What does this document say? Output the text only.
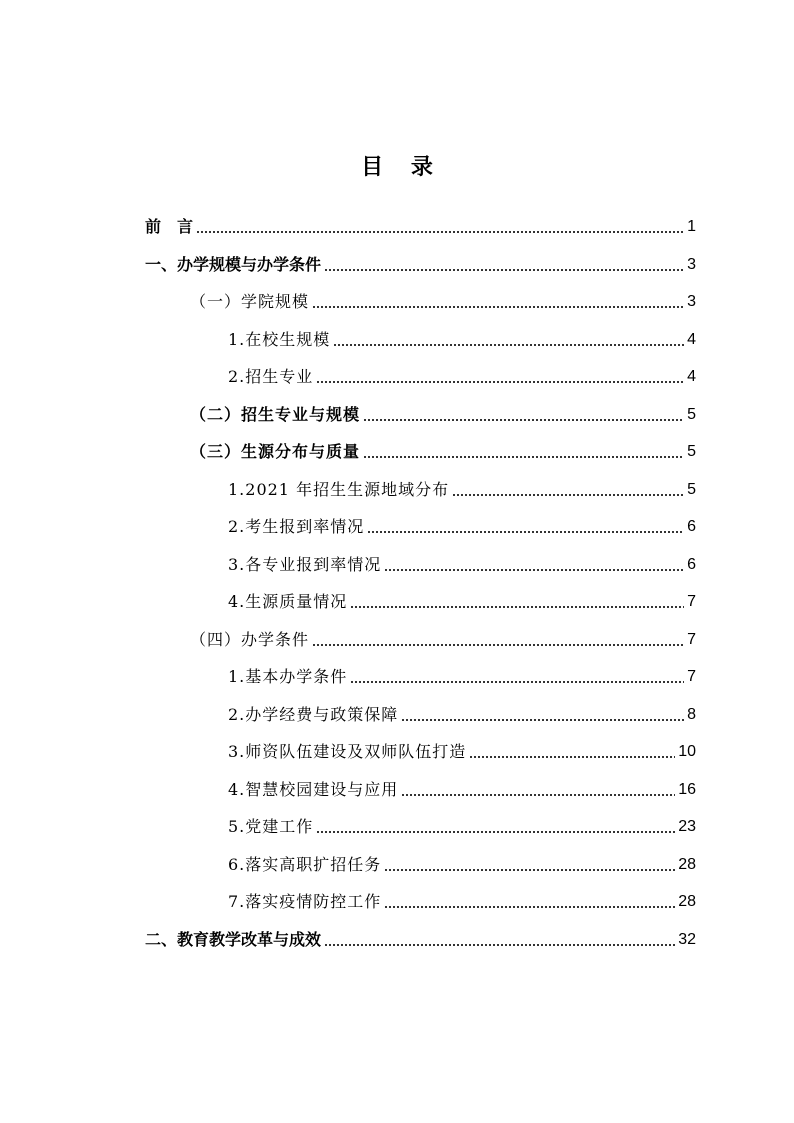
目 录
前　言	1
一、办学规模与办学条件	3
（一）学院规模	3
1.在校生规模	4
2.招生专业	4
（二）招生专业与规模	5
（三）生源分布与质量	5
1.2021 年招生生源地域分布	5
2.考生报到率情况	6
3.各专业报到率情况	6
4.生源质量情况	7
（四）办学条件	7
1.基本办学条件	7
2.办学经费与政策保障	8
3.师资队伍建设及双师队伍打造	10
4.智慧校园建设与应用	16
5.党建工作	23
6.落实高职扩招任务	28
7.落实疫情防控工作	28
二、教育教学改革与成效	32
